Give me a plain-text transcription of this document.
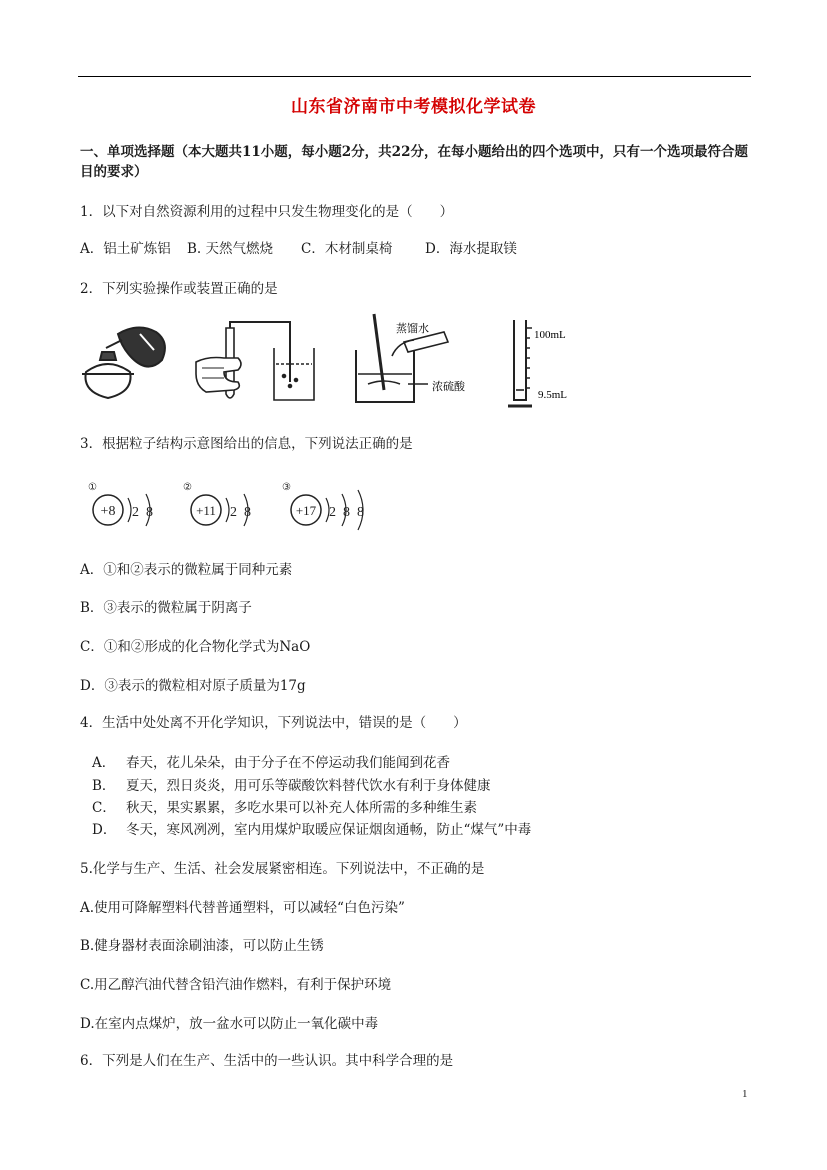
山东省济南市中考模拟化学试卷
一、单项选择题（本大题共11小题，每小题2分，共22分，在每小题给出的四个选项中，只有一个选项最符合题目的要求）
1．以下对自然资源利用的过程中只发生物理变化的是（　　）
A．铝土矿炼铝 B. 天然气燃烧 C．木材制桌椅 D．海水提取镁
2．下列实验操作或装置正确的是
蒸馏水
浓硫酸
100mL
9.5mL
3．根据粒子结构示意图给出的信息，下列说法正确的是
①
+8 2  8
②
+11 2  8
③
+17 2  8  8
A．①和②表示的微粒属于同种元素
B．③表示的微粒属于阴离子
C．①和②形成的化合物化学式为NaO
D．③表示的微粒相对原子质量为17g
4．生活中处处离不开化学知识，下列说法中，错误的是（　　）
A． 春天，花儿朵朵，由于分子在不停运动我们能闻到花香
B． 夏天，烈日炎炎，用可乐等碳酸饮料替代饮水有利于身体健康
C． 秋天，果实累累，多吃水果可以补充人体所需的多种维生素
D． 冬天，寒风冽冽，室内用煤炉取暖应保证烟囱通畅，防止“煤气”中毒
5.化学与生产、生活、社会发展紧密相连。下列说法中，不正确的是
A.使用可降解塑料代替普通塑料，可以减轻“白色污染”
B.健身器材表面涂刷油漆，可以防止生锈
C.用乙醇汽油代替含铅汽油作燃料，有利于保护环境
D.在室内点煤炉，放一盆水可以防止一氧化碳中毒
6．下列是人们在生产、生活中的一些认识。其中科学合理的是
1
